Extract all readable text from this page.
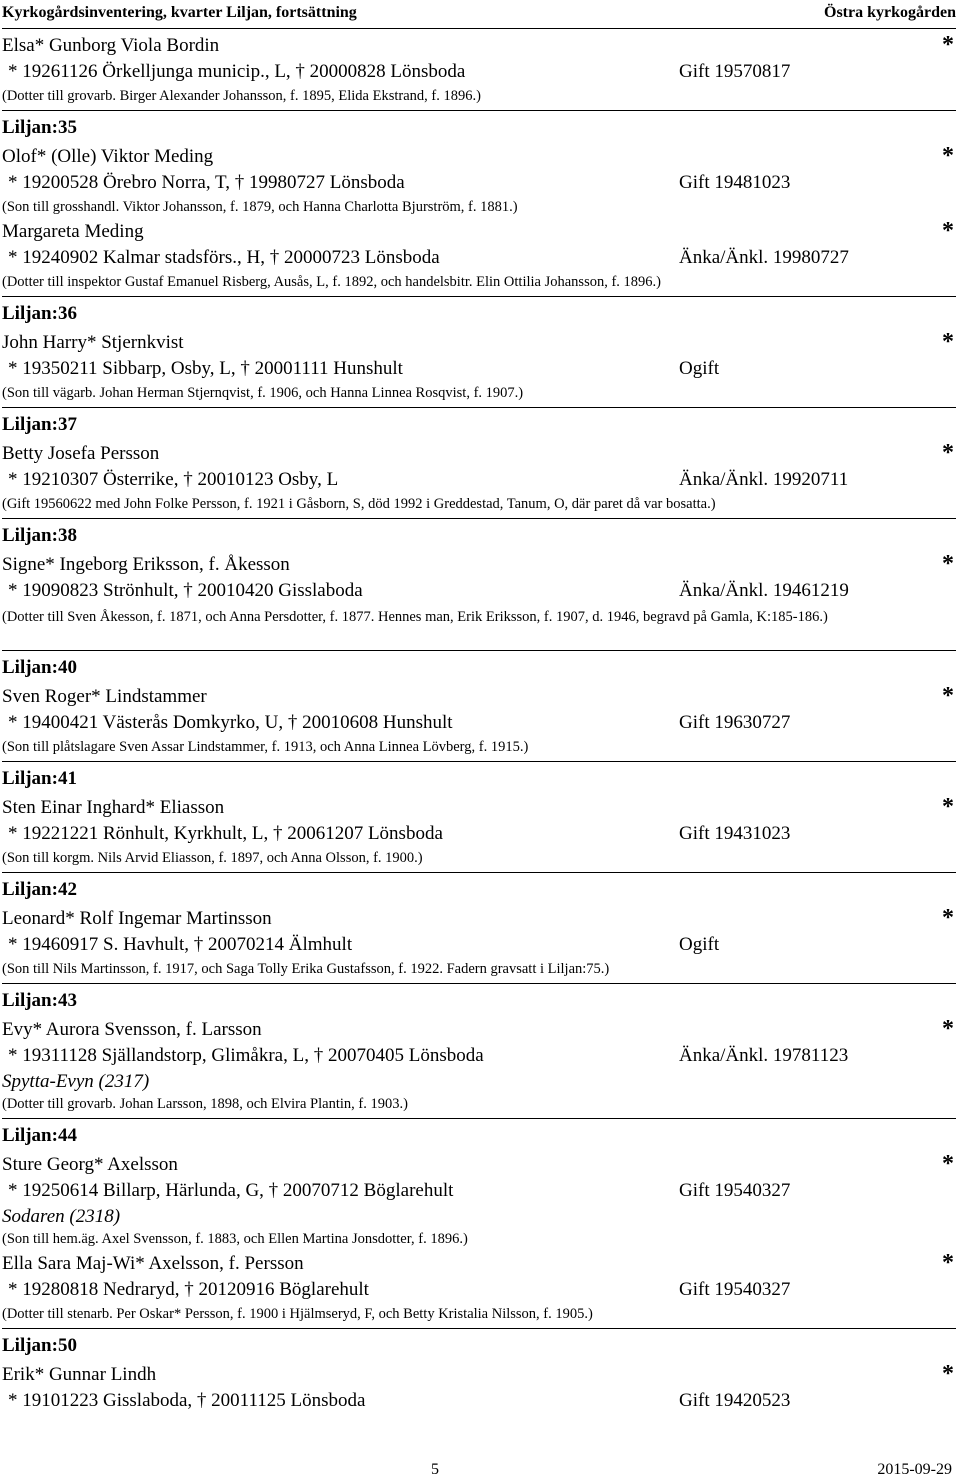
Kyrkogårdsinventering, kvarter Liljan, fortsättning	Östra kyrkogården
Elsa* Gunborg Viola Bordin	*
* 19261126 Örkelljunga municip., L, † 20000828 Lönsboda	Gift 19570817
(Dotter till grovarb. Birger Alexander Johansson, f. 1895, Elida Ekstrand, f. 1896.)
Liljan:35
Olof* (Olle) Viktor Meding	*
* 19200528 Örebro Norra, T, † 19980727 Lönsboda	Gift 19481023
(Son till grosshandl. Viktor Johansson, f. 1879, och Hanna Charlotta Bjurström, f. 1881.)
Margareta Meding	*
* 19240902 Kalmar stadsförs., H, † 20000723 Lönsboda	Änka/Änkl. 19980727
(Dotter till inspektor Gustaf Emanuel Risberg, Ausås, L, f. 1892, och handelsbitr. Elin Ottilia Johansson, f. 1896.)
Liljan:36
John Harry* Stjernkvist	*
* 19350211 Sibbarp, Osby, L, † 20001111 Hunshult	Ogift
(Son till vägarb. Johan Herman Stjernqvist, f. 1906, och Hanna Linnea Rosqvist, f. 1907.)
Liljan:37
Betty Josefa Persson	*
* 19210307 Österrike, † 20010123 Osby, L	Änka/Änkl. 19920711
(Gift 19560622 med John Folke Persson, f. 1921 i Gåsborn, S, död 1992 i Greddestad, Tanum, O, där paret då var bosatta.)
Liljan:38
Signe* Ingeborg Eriksson, f. Åkesson	*
* 19090823 Strönhult, † 20010420 Gisslaboda	Änka/Änkl. 19461219
(Dotter till Sven Åkesson, f. 1871, och Anna Persdotter, f. 1877. Hennes man, Erik Eriksson, f. 1907, d. 1946, begravd på Gamla, K:185-186.)
Liljan:40
Sven Roger* Lindstammer	*
* 19400421 Västerås Domkyrko, U, † 20010608 Hunshult	Gift 19630727
(Son till plåtslagare Sven Assar Lindstammer, f. 1913, och Anna Linnea Lövberg, f. 1915.)
Liljan:41
Sten Einar Inghard* Eliasson	*
* 19221221 Rönhult, Kyrkhult, L, † 20061207 Lönsboda	Gift 19431023
(Son till korgm. Nils Arvid Eliasson, f. 1897, och Anna Olsson, f. 1900.)
Liljan:42
Leonard* Rolf Ingemar Martinsson	*
* 19460917 S. Havhult, † 20070214 Älmhult	Ogift
(Son till Nils Martinsson, f. 1917, och Saga Tolly Erika Gustafsson, f. 1922. Fadern gravsatt i Liljan:75.)
Liljan:43
Evy* Aurora Svensson, f. Larsson	*
* 19311128 Själlandstorp, Glimåkra, L, † 20070405 Lönsboda	Änka/Änkl. 19781123
Spytta-Evyn (2317)
(Dotter till grovarb. Johan Larsson, 1898, och Elvira Plantin, f. 1903.)
Liljan:44
Sture Georg* Axelsson	*
* 19250614 Billarp, Härlunda, G, † 20070712 Böglarehult	Gift 19540327
Sodaren (2318)
(Son till hem.äg. Axel Svensson, f. 1883, och Ellen Martina Jonsdotter, f. 1896.)
Ella Sara Maj-Wi* Axelsson, f. Persson	*
* 19280818 Nedraryd, † 20120916 Böglarehult	Gift 19540327
(Dotter till stenarb. Per Oskar* Persson, f. 1900 i Hjälmseryd, F, och Betty Kristalia Nilsson, f. 1905.)
Liljan:50
Erik* Gunnar Lindh	*
* 19101223 Gisslaboda, † 20011125 Lönsboda	Gift 19420523
5	2015-09-29
